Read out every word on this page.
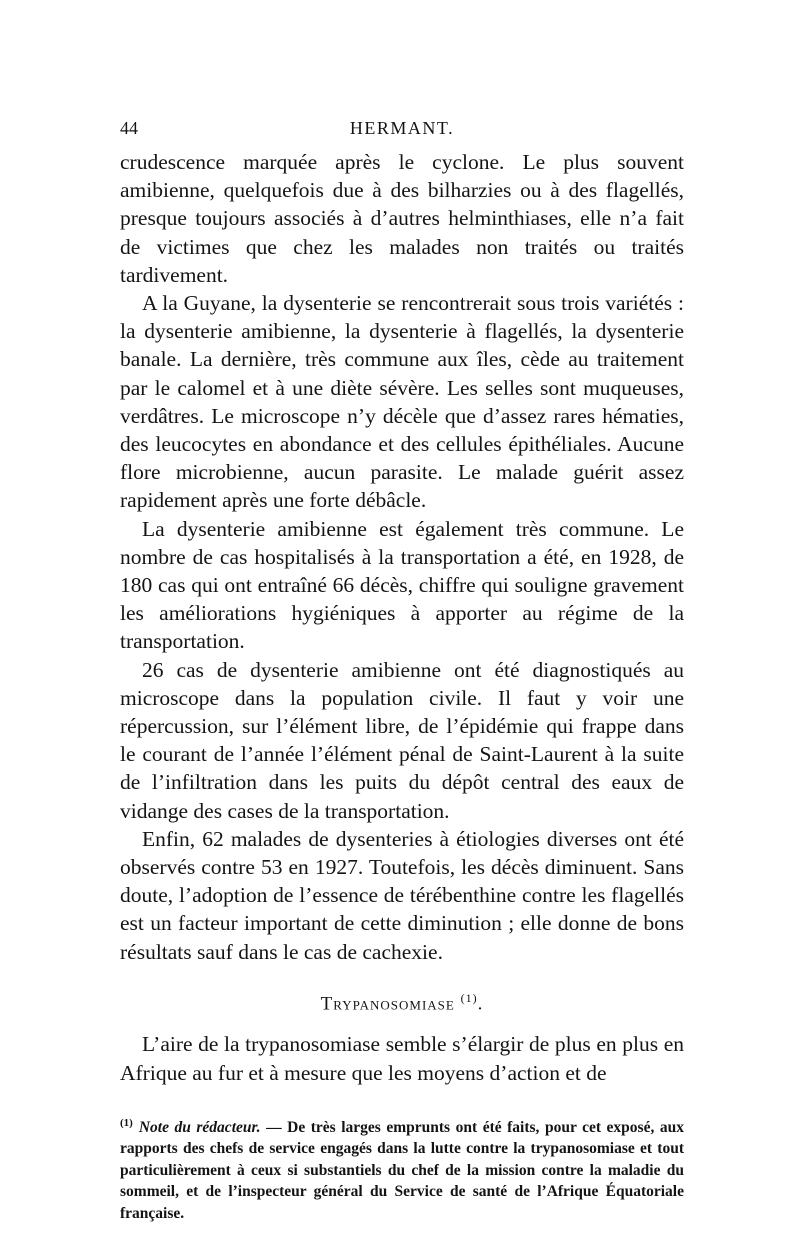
44	HERMANT.

crudescence marquée après le cyclone. Le plus souvent amibienne, quelquefois due à des bilharzies ou à des flagellés, presque toujours associés à d’autres helminthiases, elle n’a fait de victimes que chez les malades non traités ou traités tardivement.

A la Guyane, la dysenterie se rencontrerait sous trois variétés : la dysenterie amibienne, la dysenterie à flagellés, la dysenterie banale. La dernière, très commune aux îles, cède au traitement par le calomel et à une diète sévère. Les selles sont muqueuses, verdâtres. Le microscope n’y décèle que d’assez rares hématies, des leucocytes en abondance et des cellules épithéliales. Aucune flore microbienne, aucun parasite. Le malade guérit assez rapidement après une forte débâcle.

La dysenterie amibienne est également très commune. Le nombre de cas hospitalisés à la transportation a été, en 1928, de 180 cas qui ont entraîné 66 décès, chiffre qui souligne gravement les améliorations hygiéniques à apporter au régime de la transportation.

26 cas de dysenterie amibienne ont été diagnostiqués au microscope dans la population civile. Il faut y voir une répercussion, sur l’élément libre, de l’épidémie qui frappe dans le courant de l’année l’élément pénal de Saint-Laurent à la suite de l’infiltration dans les puits du dépôt central des eaux de vidange des cases de la transportation.

Enfin, 62 malades de dysenteries à étiologies diverses ont été observés contre 53 en 1927. Toutefois, les décès diminuent. Sans doute, l’adoption de l’essence de térébenthine contre les flagellés est un facteur important de cette diminution ; elle donne de bons résultats sauf dans le cas de cachexie.

Trypanosomiase $^{(1)}$.

L’aire de la trypanosomiase semble s’élargir de plus en plus en Afrique au fur et à mesure que les moyens d’action et de

$^{(1)}$ Note du rédacteur. — De très larges emprunts ont été faits, pour cet exposé, aux rapports des chefs de service engagés dans la lutte contre la trypanosomiase et tout particulièrement à ceux si substantiels du chef de la mission contre la maladie du sommeil, et de l’inspecteur général du Service de santé de l’Afrique Équatoriale française.
